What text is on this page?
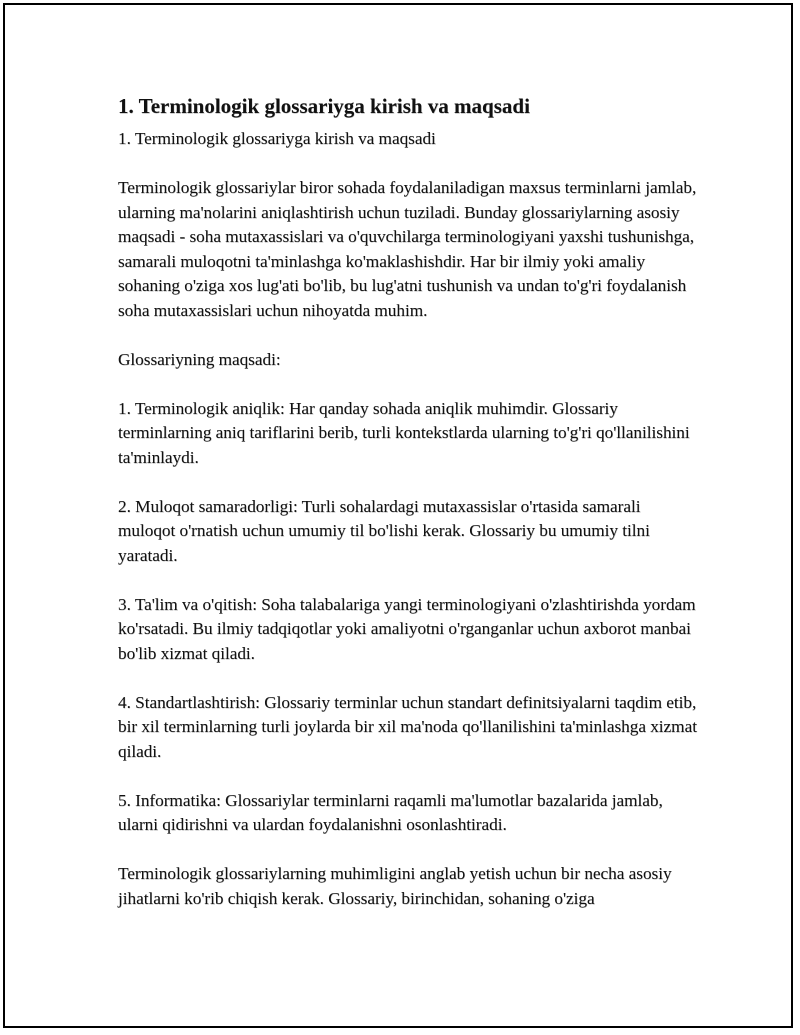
1. Terminologik glossariyga kirish va maqsadi

1. Terminologik glossariyga kirish va maqsadi

Terminologik glossariylar biror sohada foydalaniladigan maxsus terminlarni jamlab, ularning ma'nolarini aniqlashtirish uchun tuziladi. Bunday glossariylarning asosiy maqsadi - soha mutaxassislari va o'quvchilarga terminologiyani yaxshi tushunishga, samarali muloqotni ta'minlashga ko'maklashishdir. Har bir ilmiy yoki amaliy sohaning o'ziga xos lug'ati bo'lib, bu lug'atni tushunish va undan to'g'ri foydalanish soha mutaxassislari uchun nihoyatda muhim.

Glossariyning maqsadi:

1. Terminologik aniqlik: Har qanday sohada aniqlik muhimdir. Glossariy terminlarning aniq tariflarini berib, turli kontekstlarda ularning to'g'ri qo'llanilishini ta'minlaydi.

2. Muloqot samaradorligi: Turli sohalardagi mutaxassislar o'rtasida samarali muloqot o'rnatish uchun umumiy til bo'lishi kerak. Glossariy bu umumiy tilni yaratadi.

3. Ta'lim va o'qitish: Soha talabalariga yangi terminologiyani o'zlashtirishda yordam ko'rsatadi. Bu ilmiy tadqiqotlar yoki amaliyotni o'rganganlar uchun axborot manbai bo'lib xizmat qiladi.

4. Standartlashtirish: Glossariy terminlar uchun standart definitsiyalarni taqdim etib, bir xil terminlarning turli joylarda bir xil ma'noda qo'llanilishini ta'minlashga xizmat qiladi.

5. Informatika: Glossariylar terminlarni raqamli ma'lumotlar bazalarida jamlab, ularni qidirishni va ulardan foydalanishni osonlashtiradi.

Terminologik glossariylarning muhimligini anglab yetish uchun bir necha asosiy jihatlarni ko'rib chiqish kerak. Glossariy, birinchidan, sohaning o'ziga
